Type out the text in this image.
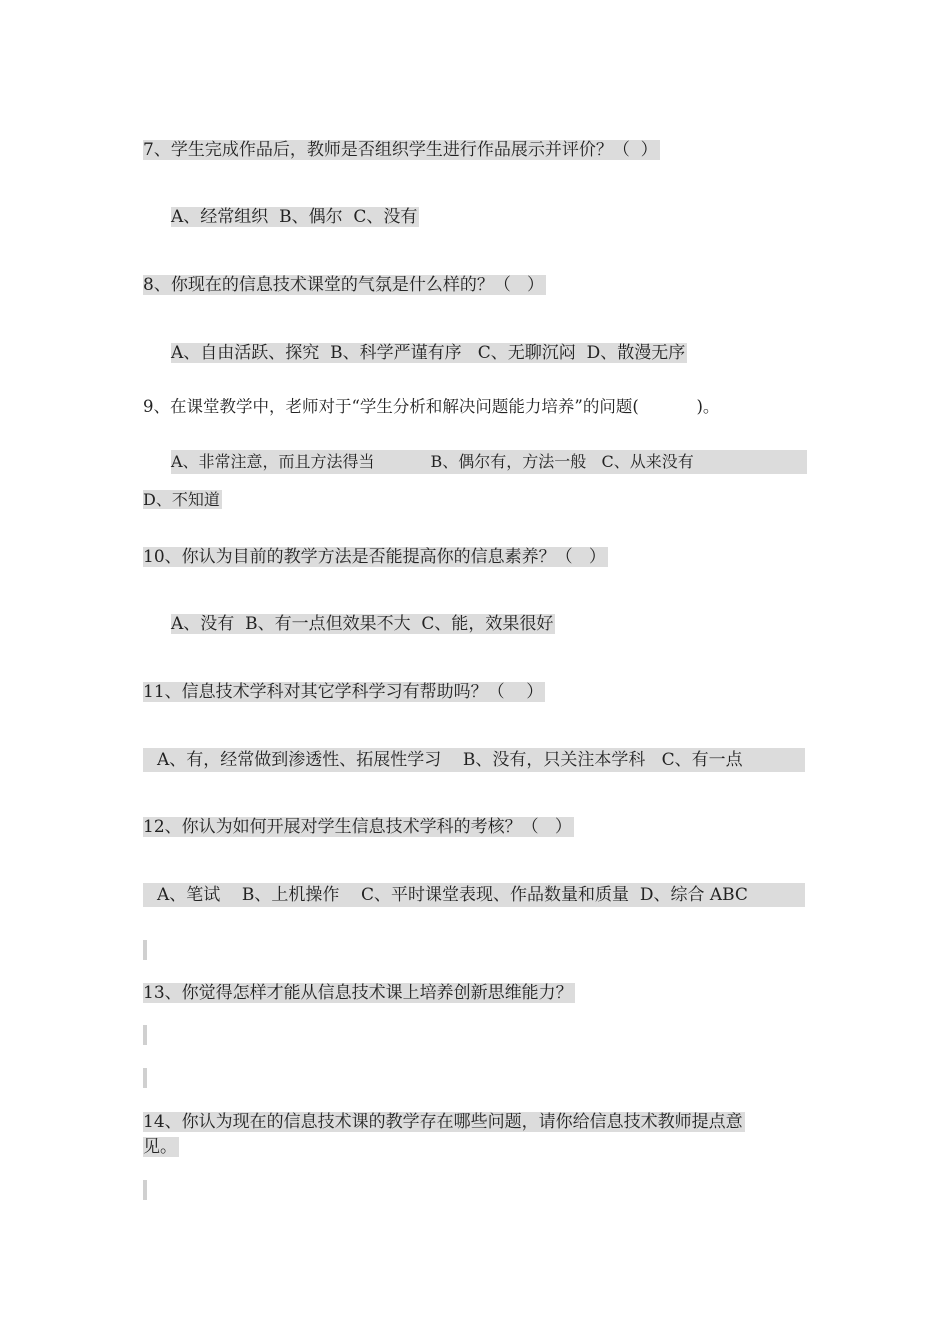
7、学生完成作品后，教师是否组织学生进行作品展示并评价？（  ）
A、经常组织  B、偶尔  C、没有
8、你现在的信息技术课堂的气氛是什么样的？（   ）
A、自由活跃、探究  B、科学严谨有序   C、无聊沉闷  D、散漫无序
9、在课堂教学中，老师对于“学生分析和解决问题能力培养”的问题(           )。
A、非常注意，而且方法得当           B、偶尔有，方法一般   C、从来没有
D、不知道
10、你认为目前的教学方法是否能提高你的信息素养？（   ）
A、没有  B、有一点但效果不大  C、能，效果很好
11、信息技术学科对其它学科学习有帮助吗？（    ）
A、有，经常做到渗透性、拓展性学习    B、没有，只关注本学科   C、有一点
12、你认为如何开展对学生信息技术学科的考核？（   ）
A、笔试    B、上机操作    C、平时课堂表现、作品数量和质量  D、综合 ABC
13、你觉得怎样才能从信息技术课上培养创新思维能力？
14、你认为现在的信息技术课的教学存在哪些问题，请你给信息技术教师提点意
见。
